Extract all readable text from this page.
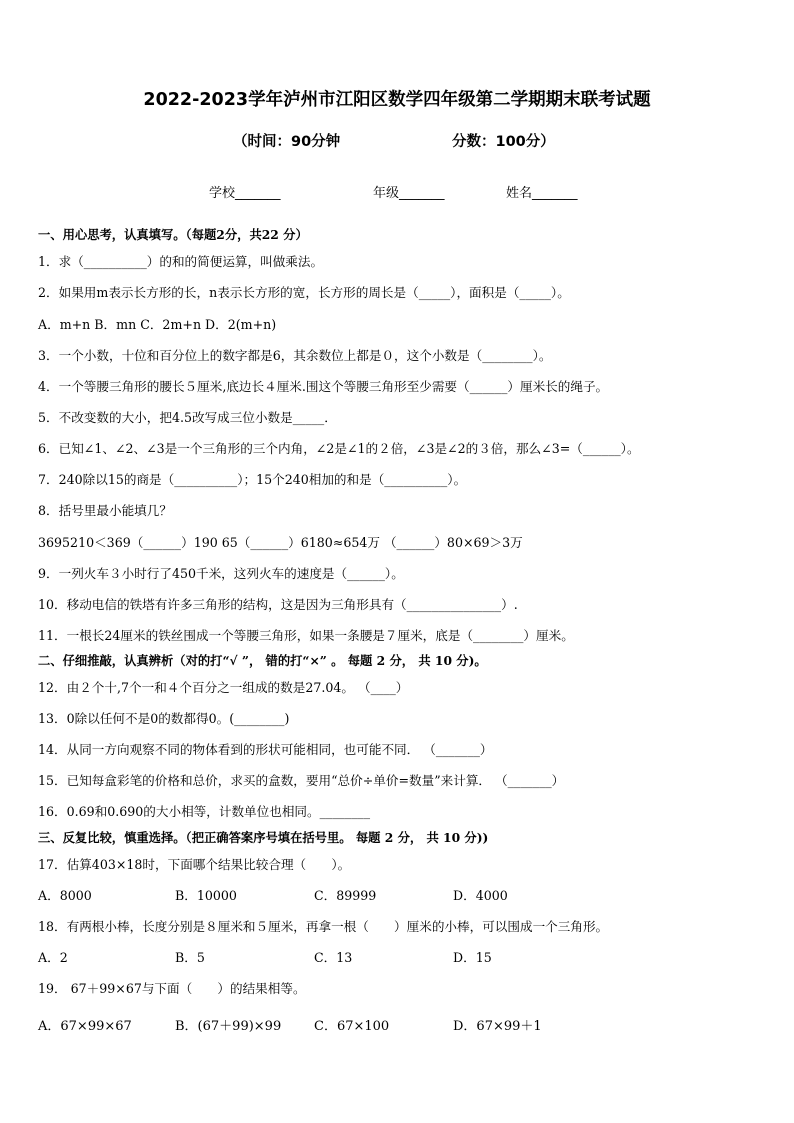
2022-2023学年泸州市江阳区数学四年级第二学期期末联考试题
（时间：90分钟	分数：100分）
学校_______	年级_______	姓名_______
一、用心思考，认真填写。（每题2分，共22 分）
1．求（__________）的和的简便运算，叫做乘法。
2．如果用m表示长方形的长，n表示长方形的宽，长方形的周长是（_____），面积是（_____）。
A．m+n B．mn C．2m+n D．2(m+n)
3．一个小数，十位和百分位上的数字都是6，其余数位上都是０，这个小数是（________）。
4．一个等腰三角形的腰长５厘米,底边长４厘米.围这个等腰三角形至少需要（______）厘米长的绳子。
5．不改变数的大小，把4.5改写成三位小数是_____．
6．已知∠1、∠2、∠3是一个三角形的三个内角，∠2是∠1的２倍，∠3是∠2的３倍，那么∠3=（______）。
7．240除以15的商是（__________）；15个240相加的和是（__________）。
8．括号里最小能填几？
3695210＜369（______）190 65（______）6180≈654万 （______）80×69＞3万
9．一列火车３小时行了450千米，这列火车的速度是（______）。
10．移动电信的铁塔有许多三角形的结构，这是因为三角形具有（_______________）.
11．一根长24厘米的铁丝围成一个等腰三角形，如果一条腰是７厘米，底是（________）厘米。
二、仔细推敲，认真辨析（对的打“√ ”， 错的打“×” 。 每题 2 分， 共 10 分)。
12．由２个十,7个一和４个百分之一组成的数是27.04。 （____）
13．0除以任何不是0的数都得0。(________)
14．从同一方向观察不同的物体看到的形状可能相同，也可能不同． （_______）
15．已知每盒彩笔的价格和总价，求买的盒数，要用“总价÷单价=数量”来计算． （_______）
16．0.69和0.690的大小相等，计数单位也相同。________
三、反复比较，慎重选择。（把正确答案序号填在括号里。 每题 2 分， 共 10 分))
17．估算403×18时，下面哪个结果比较合理（　　）。
A．8000	B．10000	C．89999	D．4000
18．有两根小棒，长度分别是８厘米和５厘米，再拿一根（　　）厘米的小棒，可以围成一个三角形。
A．2	B．5	C．13	D．15
19． 67＋99×67与下面（　　）的结果相等。
A．67×99×67	B．(67＋99)×99	C．67×100	D．67×99＋1
